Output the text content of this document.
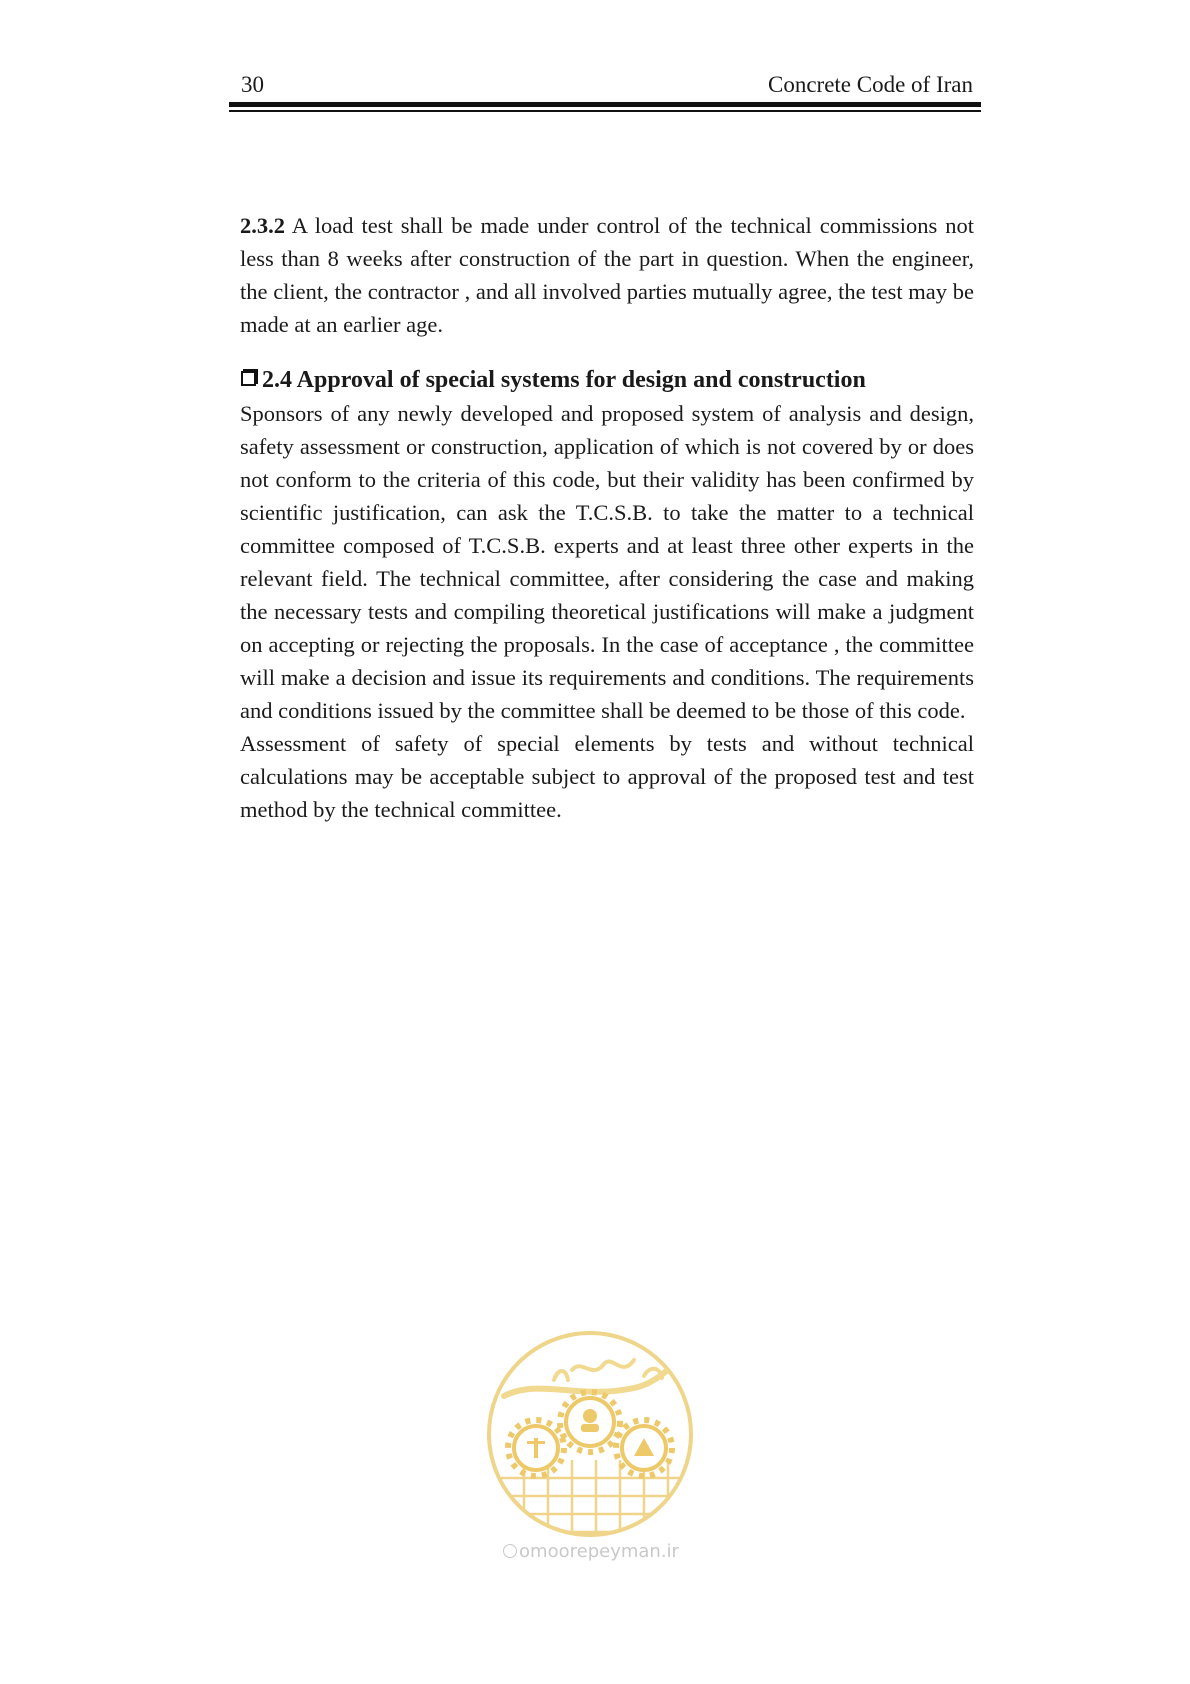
30	Concrete Code of Iran

2.3.2 A load test shall be made under control of the technical commissions not less than 8 weeks after construction of the part in question. When the engineer, the client, the contractor , and all involved parties mutually agree, the test may be made at an earlier age.

2.4 Approval of special systems for design and construction

Sponsors of any newly developed and proposed system of analysis and design, safety assessment or construction, application of which is not covered by or does not conform to the criteria of this code, but their validity has been confirmed by scientific justification, can ask the T.C.S.B. to take the matter to a technical committee composed of T.C.S.B. experts and at least three other experts in the relevant field. The technical committee, after considering the case and making the necessary tests and compiling theoretical justifications will make a judgment on accepting or rejecting the proposals. In the case of acceptance , the committee will make a decision and issue its requirements and conditions. The requirements and conditions issued by the committee shall be deemed to be those of this code.

Assessment of safety of special elements by tests and without technical calculations may be acceptable subject to approval of the proposed test and test method by the technical committee.

omoorepeyman.ir
